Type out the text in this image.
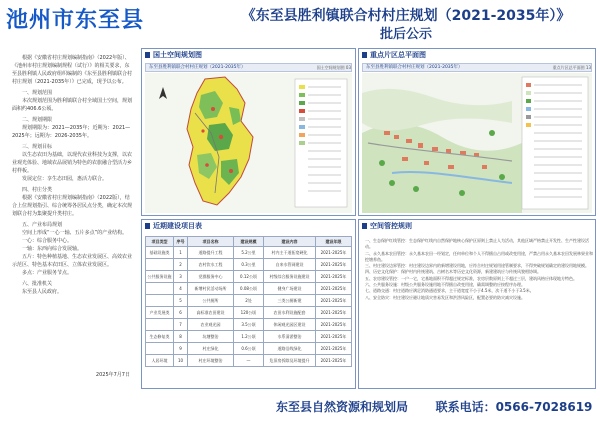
池州市东至县	《东至县胜利镇联合村村庄规划（2021-2035年）》
批后公示
根据《安徽省村庄规划编制指南》（2022年版）、《池州市村庄规划编制规程（试行）》的相关要求，东至县胜利镇人民政府组织编制的《东至县胜利镇联合村村庄规划（2021-2035年）》已完成，现予以公布。
一、规划范围
本次规划范围为胜利镇联合村全域国土空间，规划面积约406.6公顷。
二、规划期限
规划期限为：2021—2035年；近期为：2021—2025年；远期为：2026-2035年。
三、规划目标
以生态农田为基础，以现代农业科技为支撑，以农业观光体验、地域农品展销为特色的农旅融合型活力乡村样板。
发展定位：享生态田园，惠活力联合。
四、村庄分类
根据《安徽省村庄规划编制指南》（2022版），结合上位规划指引、综合统筹各居民点分类，确定本次规划联合村为集聚提升类村庄。
五、产业布局规划
空间上形成“一心一轴、五片多点”的产业结构。
一心：综合服务中心。
一轴：东西向综合发展轴。
五片：特色种植基地、生态农业发展区、高效农业示范区、特色基本农田区、立体农业发展区。
多点：产业服务节点。
六、批准机关
东至县人民政府。
2025年7月7日
国土空间规划图
东至县胜利镇联合村村庄规划（2021-2035年）	国土空间规划图 03
重点片区总平面图
东至县胜利镇联合村村庄规划（2021-2035年）	重点片区总平面图 13
近期建设项目表
项目类型	序号	项目名称	建设规模	建设内容	建设年限
基础设施类	1	道路提升工程	5.2公里	村内主干道拓宽硬化	2021-2025年
	2	农村饮水工程	0.3公里	自来水管网建设	2021-2025年
公共服务设施	3	党群服务中心	0.12公顷	村级综合服务设施建设	2021-2025年
	4	新增村民活动场所	0.08公顷	健身广场建设	2021-2025年
	5	公共厕所	2处	三类公厕新建	2021-2025年
产业发展类	6	高标准农田建设	120公顷	农田水利设施配套	2021-2025年
	7	农业观光园	3.5公顷	休闲观光园区建设	2021-2025年
生态修复类	8	坑塘整治	1.2公顷	水系清淤整治	2021-2025年
	9	村庄绿化	0.6公顷	道路沿线绿化	2021-2025年
人居环境	10	村庄环境整治	—	危旧房拆除及环境提升	2021-2025年
空间管控规则

一、生态保护红线管控：生态保护红线内自然保护地核心保护区原则上禁止人为活动，其他区域严格禁止开发性、生产性建设活动。

二、永久基本农田管控：永久基本农田一经划定，任何单位和个人不得擅自占用或改变用途，严禁占用永久基本农田发展林果业和挖塘养鱼。

三、村庄建设边界管控：村庄建设边界内的新增建设用地，应符合村庄规划用途管制要求，不得突破规划确定的建设用地规模。

四、历史文化保护：保护村内传统建筑、古树名木等历史文化资源，新建建筑应与传统风貌相协调。

五、农房建设管控：一户一宅，宅基地面积不得超过规定标准，农房层数原则上不超过三层，建筑风格应体现地方特色。

六、公共服务设施：村级公共服务设施用地不得擅自改变用途，确需调整的应按程序办理。

七、道路交通：村庄道路应满足消防通道要求，主干道宽度不小于4.5米，次干道不小于3.5米。

八、安全防灾：村庄建设应避让地质灾害易发区和洪涝风险区，配置必要的防灾减灾设施。

东至县自然资源和规划局	联系电话：0566-7028619
